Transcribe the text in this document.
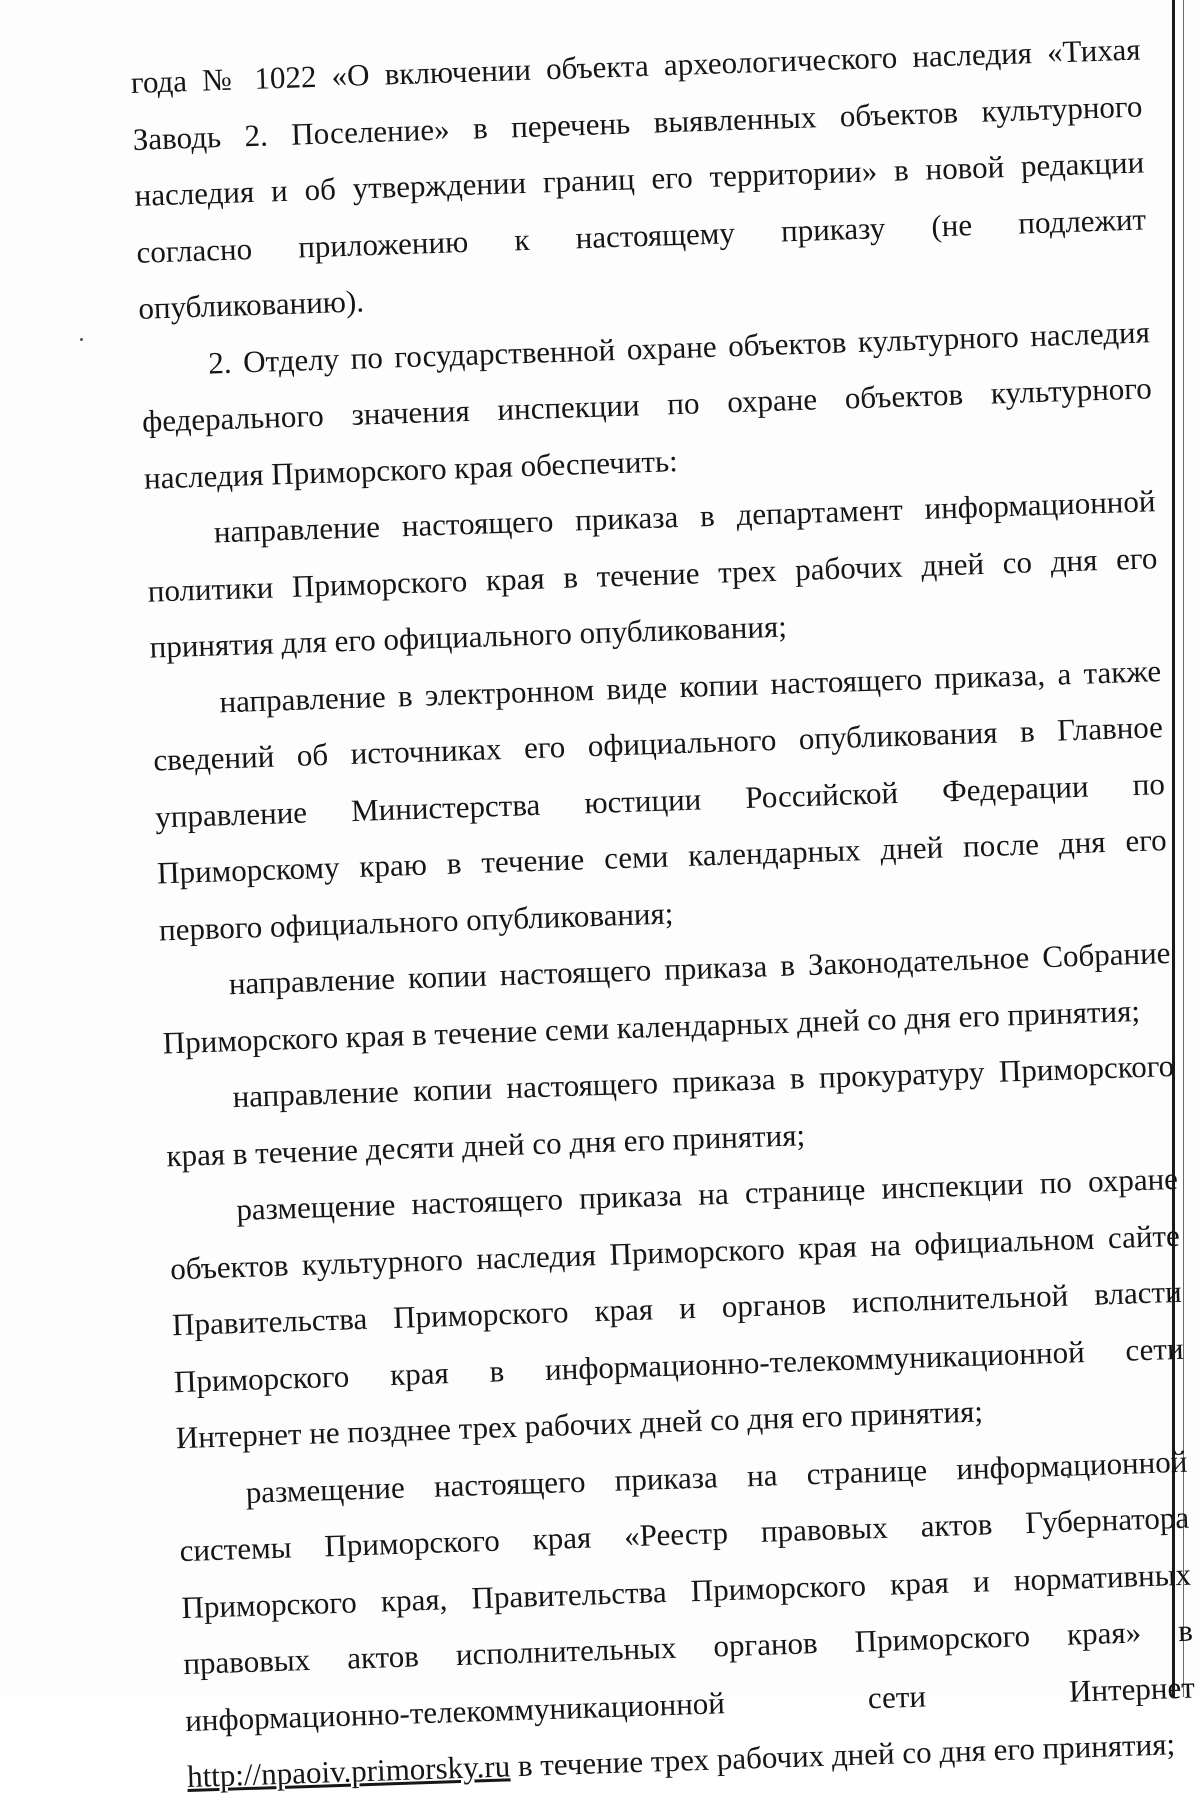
года № 1022 «О включении объекта археологического наследия «Тихая Заводь 2. Поселение» в перечень выявленных объектов культурного наследия и об утверждении границ его территории» в новой редакции согласно приложению к настоящему приказу (не подлежит опубликованию).

2. Отделу по государственной охране объектов культурного наследия федерального значения инспекции по охране объектов культурного наследия Приморского края обеспечить:

направление настоящего приказа в департамент информационной политики Приморского края в течение трех рабочих дней со дня его принятия для его официального опубликования;

направление в электронном виде копии настоящего приказа, а также сведений об источниках его официального опубликования в Главное управление Министерства юстиции Российской Федерации по Приморскому краю в течение семи календарных дней после дня его первого официального опубликования;

направление копии настоящего приказа в Законодательное Собрание Приморского края в течение семи календарных дней со дня его принятия;

направление копии настоящего приказа в прокуратуру Приморского края в течение десяти дней со дня его принятия;

размещение настоящего приказа на странице инспекции по охране объектов культурного наследия Приморского края на официальном сайте Правительства Приморского края и органов исполнительной власти Приморского края в информационно-телекоммуникационной сети Интернет не позднее трех рабочих дней со дня его принятия;

размещение настоящего приказа на странице информационной системы Приморского края «Реестр правовых актов Губернатора Приморского края, Правительства Приморского края и нормативных правовых актов исполнительных органов Приморского края» в информационно-телекоммуникационной сети Интернет http://npaoiv.primorsky.ru в течение трех рабочих дней со дня его принятия;
